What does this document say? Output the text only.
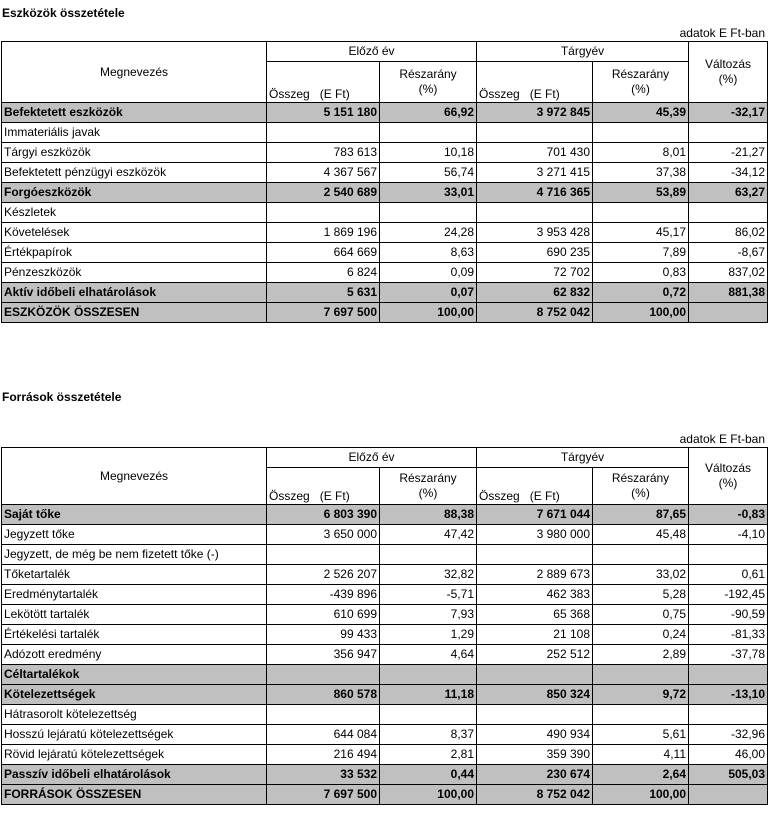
Eszközök összetétele
adatok E Ft-ban
Megnevezés	Előző év		Tárgyév		Változás
(%)
	Összeg (E Ft)	Részarány
(%)	Összeg (E Ft)	Részarány
(%)	
Befektetett eszközök	5 151 180	66,92	3 972 845	45,39	-32,17
Immateriális javak					
Tárgyi eszközök	783 613	10,18	701 430	8,01	-21,27
Befektetett pénzügyi eszközök	4 367 567	56,74	3 271 415	37,38	-34,12
Forgóeszközök	2 540 689	33,01	4 716 365	53,89	63,27
Készletek					
Követelések	1 869 196	24,28	3 953 428	45,17	86,02
Értékpapírok	664 669	8,63	690 235	7,89	-8,67
Pénzeszközök	6 824	0,09	72 702	0,83	837,02
Aktív időbeli elhatárolások	5 631	0,07	62 832	0,72	881,38
ESZKÖZÖK ÖSSZESEN	7 697 500	100,00	8 752 042	100,00	
Források összetétele
adatok E Ft-ban
Megnevezés	Előző év		Tárgyév		Változás
(%)
	Összeg (E Ft)	Részarány
(%)	Összeg (E Ft)	Részarány
(%)	
Saját tőke	6 803 390	88,38	7 671 044	87,65	-0,83
Jegyzett tőke	3 650 000	47,42	3 980 000	45,48	-4,10
Jegyzett, de még be nem fizetett tőke (-)					
Tőketartalék	2 526 207	32,82	2 889 673	33,02	0,61
Eredménytartalék	-439 896	-5,71	462 383	5,28	-192,45
Lekötött tartalék	610 699	7,93	65 368	0,75	-90,59
Értékelési tartalék	99 433	1,29	21 108	0,24	-81,33
Adózott eredmény	356 947	4,64	252 512	2,89	-37,78
Céltartalékok					
Kötelezettségek	860 578	11,18	850 324	9,72	-13,10
Hátrasorolt kötelezettség					
Hosszú lejáratú kötelezettségek	644 084	8,37	490 934	5,61	-32,96
Rövid lejáratú kötelezettségek	216 494	2,81	359 390	4,11	46,00
Passzív időbeli elhatárolások	33 532	0,44	230 674	2,64	505,03
FORRÁSOK ÖSSZESEN	7 697 500	100,00	8 752 042	100,00	
